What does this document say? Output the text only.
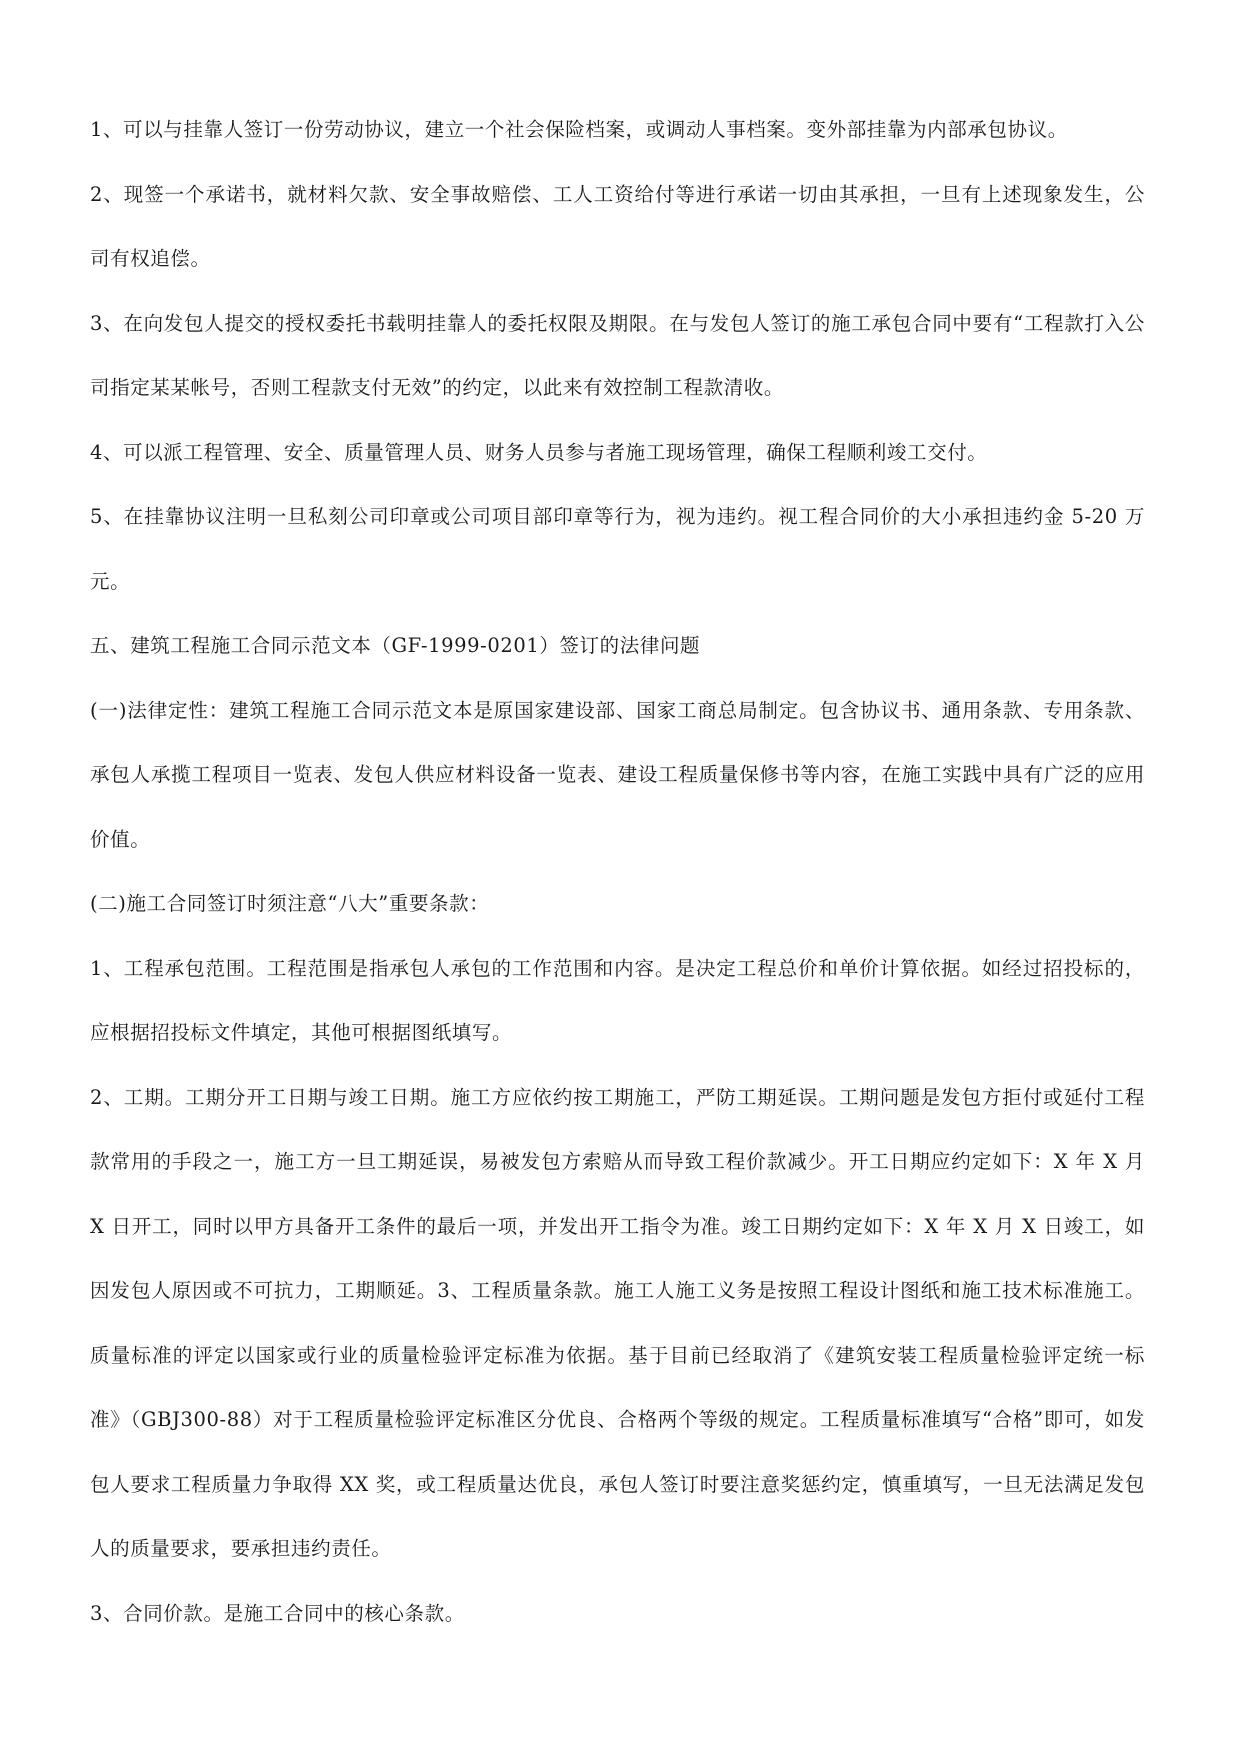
1、可以与挂靠人签订一份劳动协议，建立一个社会保险档案，或调动人事档案。变外部挂靠为内部承包协议。

2、现签一个承诺书，就材料欠款、安全事故赔偿、工人工资给付等进行承诺一切由其承担，一旦有上述现象发生，公司有权追偿。

3、在向发包人提交的授权委托书载明挂靠人的委托权限及期限。在与发包人签订的施工承包合同中要有“工程款打入公司指定某某帐号，否则工程款支付无效”的约定，以此来有效控制工程款清收。

4、可以派工程管理、安全、质量管理人员、财务人员参与者施工现场管理，确保工程顺利竣工交付。

5、在挂靠协议注明一旦私刻公司印章或公司项目部印章等行为，视为违约。视工程合同价的大小承担违约金 5-20 万元。

五、建筑工程施工合同示范文本（GF-1999-0201）签订的法律问题

(一)法律定性：建筑工程施工合同示范文本是原国家建设部、国家工商总局制定。包含协议书、通用条款、专用条款、承包人承揽工程项目一览表、发包人供应材料设备一览表、建设工程质量保修书等内容，在施工实践中具有广泛的应用价值。

(二)施工合同签订时须注意“八大”重要条款：

1、工程承包范围。工程范围是指承包人承包的工作范围和内容。是决定工程总价和单价计算依据。如经过招投标的，应根据招投标文件填定，其他可根据图纸填写。

2、工期。工期分开工日期与竣工日期。施工方应依约按工期施工，严防工期延误。工期问题是发包方拒付或延付工程款常用的手段之一，施工方一旦工期延误，易被发包方索赔从而导致工程价款减少。开工日期应约定如下：X 年 X 月 X 日开工，同时以甲方具备开工条件的最后一项，并发出开工指令为准。竣工日期约定如下：X 年 X 月 X 日竣工，如因发包人原因或不可抗力，工期顺延。3、工程质量条款。施工人施工义务是按照工程设计图纸和施工技术标准施工。质量标准的评定以国家或行业的质量检验评定标准为依据。基于目前已经取消了《建筑安装工程质量检验评定统一标准》（GBJ300-88）对于工程质量检验评定标准区分优良、合格两个等级的规定。工程质量标准填写“合格”即可，如发包人要求工程质量力争取得 XX 奖，或工程质量达优良，承包人签订时要注意奖惩约定，慎重填写，一旦无法满足发包人的质量要求，要承担违约责任。

3、合同价款。是施工合同中的核心条款。
